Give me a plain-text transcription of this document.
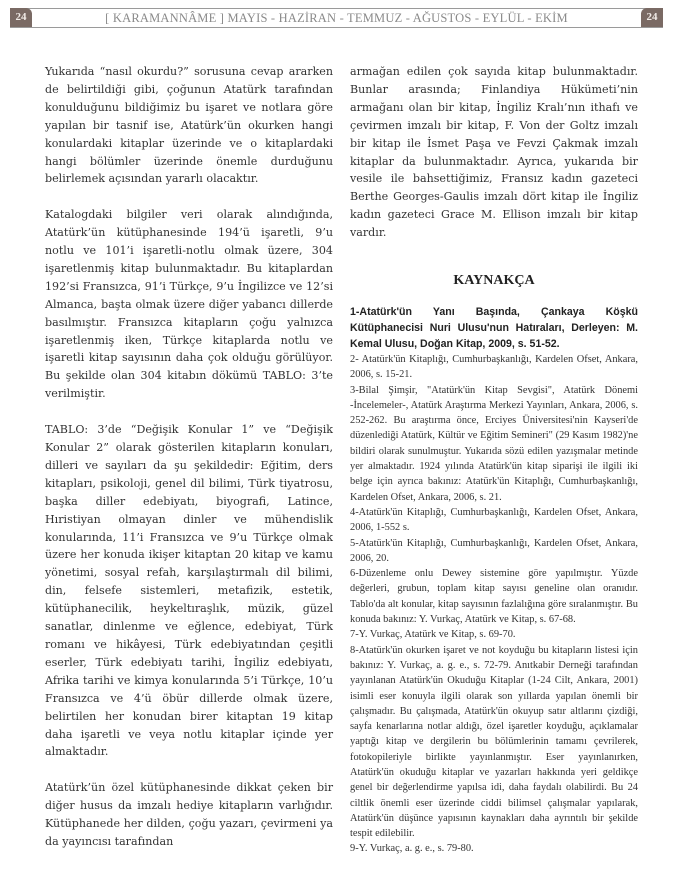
24	[ KARAMANNÂME ] MAYIS - HAZİRAN - TEMMUZ - AĞUSTOS - EYLÜL - EKİM	24

Yukarıda “nasıl okurdu?” sorusuna cevap ararken de belirtildiği gibi, çoğunun Atatürk tarafından konulduğunu bildiğimiz bu işaret ve notlara göre yapılan bir tasnif ise, Atatürk’ün okurken hangi konulardaki kitaplar üzerinde ve o kitaplardaki hangi bölümler üzerinde önemle durduğunu belirlemek açısından yararlı olacaktır.

Katalogdaki bilgiler veri olarak alındığında, Atatürk’ün kütüphanesinde 194’ü işaretli, 9’u notlu ve 101’i işaretli-notlu olmak üzere, 304 işaretlenmiş kitap bulunmaktadır. Bu kitaplardan 192’si Fransızca, 91’i Türkçe, 9’u İngilizce ve 12’si Almanca, başta olmak üzere diğer yabancı dillerde basılmıştır. Fransızca kitapların çoğu yalnızca işaretlenmiş iken, Türkçe kitaplarda notlu ve işaretli kitap sayısının daha çok olduğu görülüyor. Bu şekilde olan 304 kitabın dökümü TABLO: 3’te verilmiştir.

TABLO: 3’de “Değişik Konular 1” ve “Değişik Konular 2” olarak gösterilen kitapların konuları, dilleri ve sayıları da şu şekildedir: Eğitim, ders kitapları, psikoloji, genel dil bilimi, Türk tiyatrosu, başka diller edebiyatı, biyografi, Latince, Hıristiyan olmayan dinler ve mühendislik konularında, 11’i Fransızca ve 9’u Türkçe olmak üzere her konuda ikişer kitaptan 20 kitap ve kamu yönetimi, sosyal refah, karşılaştırmalı dil bilimi, din, felsefe sistemleri, metafizik, estetik, kütüphanecilik, heykeltıraşlık, müzik, güzel sanatlar, dinlenme ve eğlence, edebiyat, Türk romanı ve hikâyesi, Türk edebiyatından çeşitli eserler, Türk edebiyatı tarihi, İngiliz edebiyatı, Afrika tarihi ve kimya konularında 5’i Türkçe, 10’u Fransızca ve 4’ü öbür dillerde olmak üzere, belirtilen her konudan birer kitaptan 19 kitap daha işaretli ve veya notlu kitaplar içinde yer almaktadır.

Atatürk’ün özel kütüphanesinde dikkat çeken bir diğer husus da imzalı hediye kitapların varlığıdır. Kütüphanede her dilden, çoğu yazarı, çevirmeni ya da yayıncısı tarafından

armağan edilen çok sayıda kitap bulunmaktadır. Bunlar arasında; Finlandiya Hükümeti’nin armağanı olan bir kitap, İngiliz Kralı’nın ithafı ve çevirmen imzalı bir kitap, F. Von der Goltz imzalı bir kitap ile İsmet Paşa ve Fevzi Çakmak imzalı kitaplar da bulunmaktadır. Ayrıca, yukarıda bir vesile ile bahsettiğimiz, Fransız kadın gazeteci Berthe Georges-Gaulis imzalı dört kitap ile İngiliz kadın gazeteci Grace M. Ellison imzalı bir kitap vardır.

KAYNAKÇA
1-Atatürk'ün Yanı Başında, Çankaya Köşkü Kütüphanecisi Nuri Ulusu'nun Hatıraları, Derleyen: M. Kemal Ulusu, Doğan Kitap, 2009, s. 51-52.
2- Atatürk'ün Kitaplığı, Cumhurbaşkanlığı, Kardelen Ofset, Ankara, 2006, s. 15-21.
3-Bilal Şimşir, "Atatürk'ün Kitap Sevgisi", Atatürk Dönemi -İncelemeler-, Atatürk Araştırma Merkezi Yayınları, Ankara, 2006, s. 252-262. Bu araştırma önce, Erciyes Üniversitesi'nin Kayseri'de düzenlediği Atatürk, Kültür ve Eğitim Semineri" (29 Kasım 1982)'ne bildiri olarak sunulmuştur. Yukarıda sözü edilen yazışmalar metinde yer almaktadır. 1924 yılında Atatürk'ün kitap siparişi ile ilgili iki belge için ayrıca bakınız: Atatürk'ün Kitaplığı, Cumhurbaşkanlığı, Kardelen Ofset, Ankara, 2006, s. 21.
4-Atatürk'ün Kitaplığı, Cumhurbaşkanlığı, Kardelen Ofset, Ankara, 2006, 1-552 s.
5-Atatürk'ün Kitaplığı, Cumhurbaşkanlığı, Kardelen Ofset, Ankara, 2006, 20.
6-Düzenleme onlu Dewey sistemine göre yapılmıştır. Yüzde değerleri, grubun, toplam kitap sayısı geneline olan oranıdır. Tablo'da alt konular, kitap sayısının fazlalığına göre sıralanmıştır. Bu konuda bakınız: Y. Vurkaç, Atatürk ve Kitap, s. 67-68.
7-Y. Vurkaç, Atatürk ve Kitap, s. 69-70.
8-Atatürk'ün okurken işaret ve not koyduğu bu kitapların listesi için bakınız: Y. Vurkaç, a. g. e., s. 72-79. Anıtkabir Derneği tarafından yayınlanan Atatürk'ün Okuduğu Kitaplar (1-24 Cilt, Ankara, 2001) isimli eser konuyla ilgili olarak son yıllarda yapılan önemli bir çalışmadır. Bu çalışmada, Atatürk'ün okuyup satır altlarını çizdiği, sayfa kenarlarına notlar aldığı, özel işaretler koyduğu, açıklamalar yaptığı kitap ve dergilerin bu bölümlerinin tamamı çevrilerek, fotokopileriyle birlikte yayınlanmıştır. Eser yayınlanırken, Atatürk'ün okuduğu kitaplar ve yazarları hakkında yeri geldikçe genel bir değerlendirme yapılsa idi, daha faydalı olabilirdi. Bu 24 ciltlik önemli eser üzerinde ciddi bilimsel çalışmalar yapılarak, Atatürk'ün düşünce yapısının kaynakları daha ayrıntılı bir şekilde tespit edilebilir.
9-Y. Vurkaç, a. g. e., s. 79-80.
